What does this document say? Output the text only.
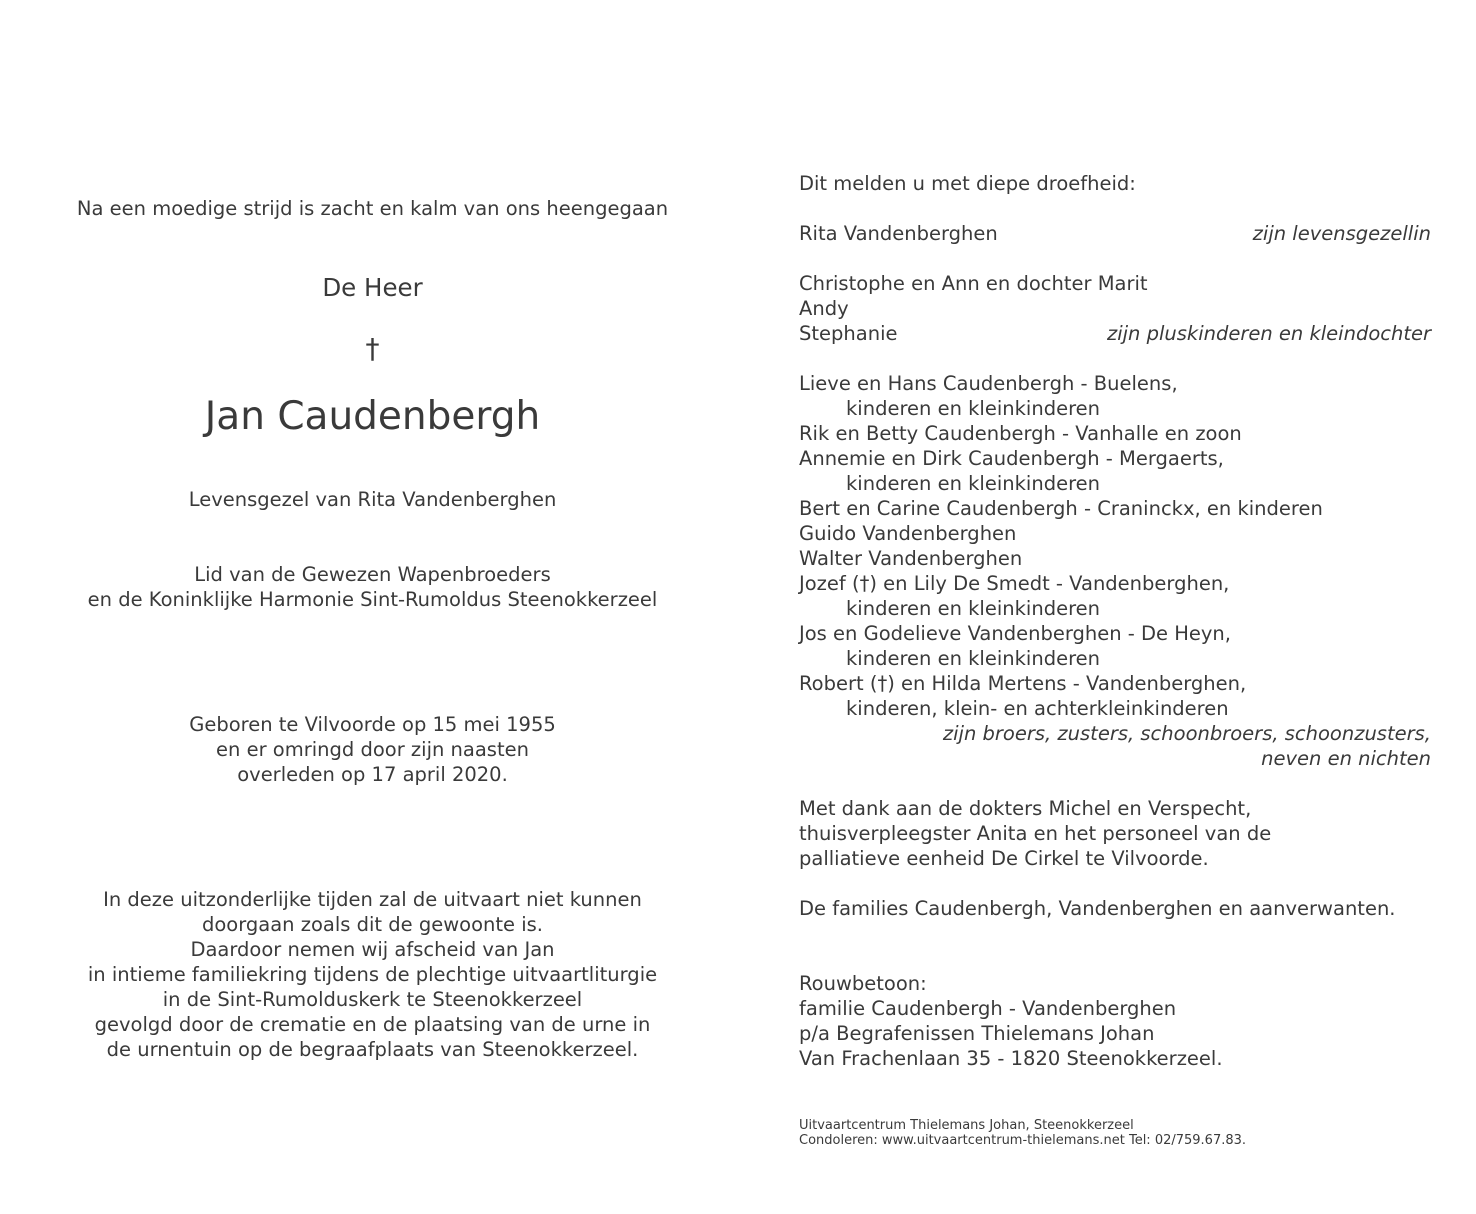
Na een moedige strijd is zacht en kalm van ons heengegaan
De Heer
†
Jan Caudenbergh
Levensgezel van Rita Vandenberghen
Lid van de Gewezen Wapenbroeders
en de Koninklijke Harmonie Sint-Rumoldus Steenokkerzeel
Geboren te Vilvoorde op 15 mei 1955
en er omringd door zijn naasten
overleden op 17 april 2020.
In deze uitzonderlijke tijden zal de uitvaart niet kunnen
doorgaan zoals dit de gewoonte is.
Daardoor nemen wij afscheid van Jan
in intieme familiekring tijdens de plechtige uitvaartliturgie
in de Sint-Rumolduskerk te Steenokkerzeel
gevolgd door de crematie en de plaatsing van de urne in
de urnentuin op de begraafplaats van Steenokkerzeel.
Dit melden u met diepe droefheid:
Rita Vandenberghen	zijn levensgezellin
Christophe en Ann en dochter Marit
Andy
Stephanie	zijn pluskinderen en kleindochter
Lieve en Hans Caudenbergh - Buelens,
kinderen en kleinkinderen
Rik en Betty Caudenbergh - Vanhalle en zoon
Annemie en Dirk Caudenbergh - Mergaerts,
kinderen en kleinkinderen
Bert en Carine Caudenbergh - Craninckx, en kinderen
Guido Vandenberghen
Walter Vandenberghen
Jozef (†) en Lily De Smedt - Vandenberghen,
kinderen en kleinkinderen
Jos en Godelieve Vandenberghen - De Heyn,
kinderen en kleinkinderen
Robert (†) en Hilda Mertens - Vandenberghen,
kinderen, klein- en achterkleinkinderen
zijn broers, zusters, schoonbroers, schoonzusters,
neven en nichten
Met dank aan de dokters Michel en Verspecht,
thuisverpleegster Anita en het personeel van de
palliatieve eenheid De Cirkel te Vilvoorde.
De families Caudenbergh, Vandenberghen en aanverwanten.
Rouwbetoon:
familie Caudenbergh - Vandenberghen
p/a Begrafenissen Thielemans Johan
Van Frachenlaan 35 - 1820 Steenokkerzeel.
Uitvaartcentrum Thielemans Johan, Steenokkerzeel
Condoleren: www.uitvaartcentrum-thielemans.net Tel: 02/759.67.83.
